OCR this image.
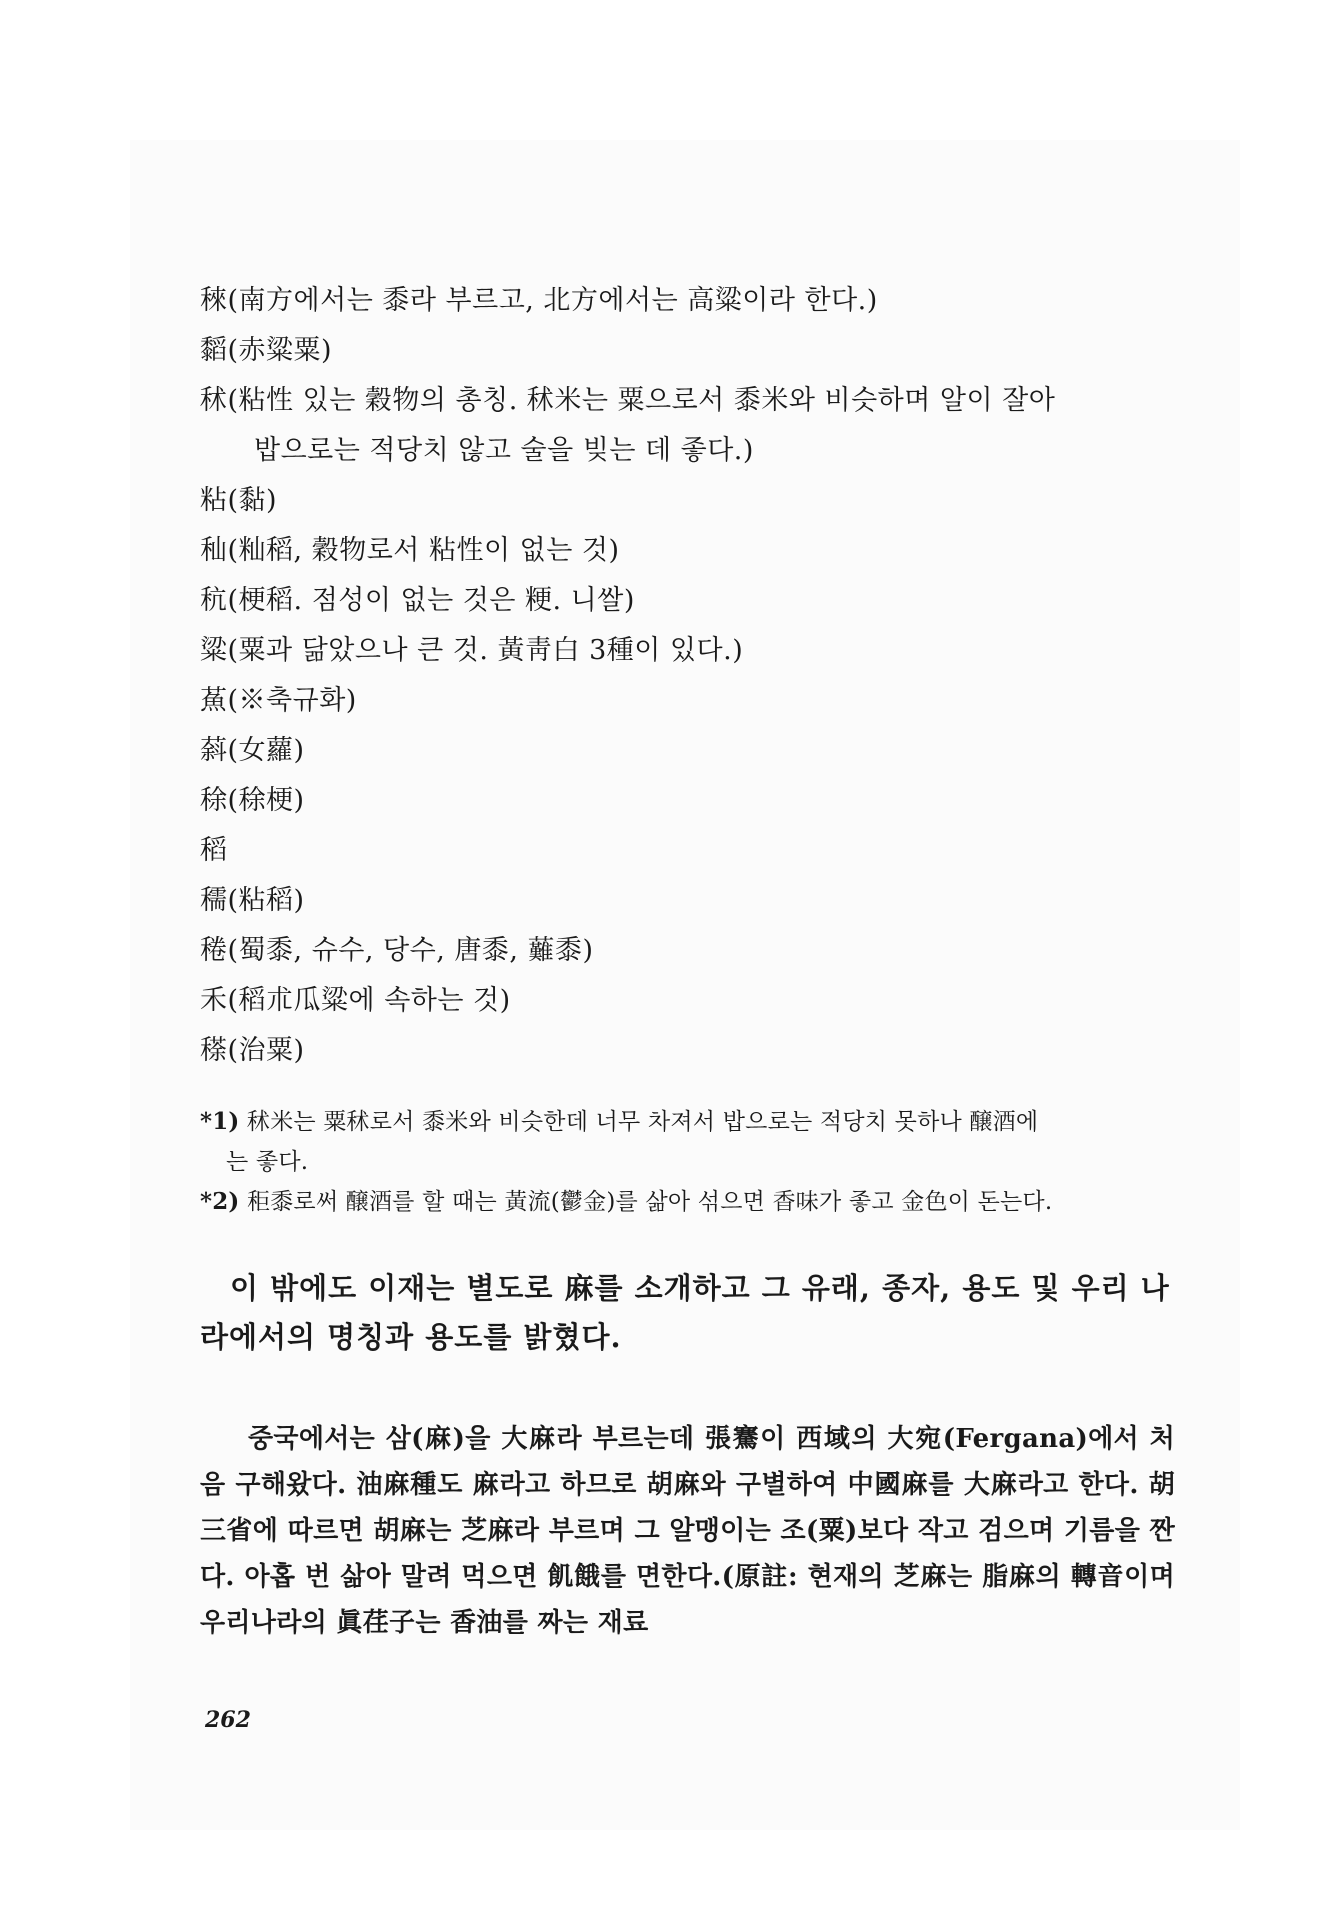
䅘(南方에서는 黍라 부르고, 北方에서는 高粱이라 한다.)
䵚(赤粱粟)
秫(粘性 있는 穀物의 총칭. 秫米는 粟으로서 黍米와 비슷하며 알이 잘아
밥으로는 적당치 않고 술을 빚는 데 좋다.)
粘(黏)
秈(籼稻, 穀物로서 粘性이 없는 것)
秔(梗稻. 점성이 없는 것은 粳. 니쌀)
粱(粟과 닮았으나 큰 것. 黃靑白 3種이 있다.)
䔡(※축규화)
䔑(女蘿)
稌(稌梗)
稻
穤(粘稻)
䅚(蜀黍, 슈수, 당수, 唐黍, 䕼黍)
禾(稻朮瓜粱에 속하는 것)
䅷(治粟)
*1) 秫米는 粟秫로서 黍米와 비슷한데 너무 차져서 밥으로는 적당치 못하나 醸酒에
는 좋다.
*2) 秬黍로써 醸酒를 할 때는 黃流(鬱金)를 삶아 섞으면 香味가 좋고 金色이 돈는다.

이 밖에도 이재는 별도로 麻를 소개하고 그 유래, 종자, 용도 및 우리 나라에서의 명칭과 용도를 밝혔다.

중국에서는 삼(麻)을 大麻라 부르는데 張騫이 西域의 大宛(Fergana)에서 처음 구해왔다. 油麻種도 麻라고 하므로 胡麻와 구별하여 中國麻를 大麻라고 한다. 胡三省에 따르면 胡麻는 芝麻라 부르며 그 알맹이는 조(粟)보다 작고 검으며 기름을 짠다. 아홉 번 삶아 말려 먹으면 飢餓를 면한다.(原註: 현재의 芝麻는 脂麻의 轉音이며 우리나라의 眞荏子는 香油를 짜는 재료

262
